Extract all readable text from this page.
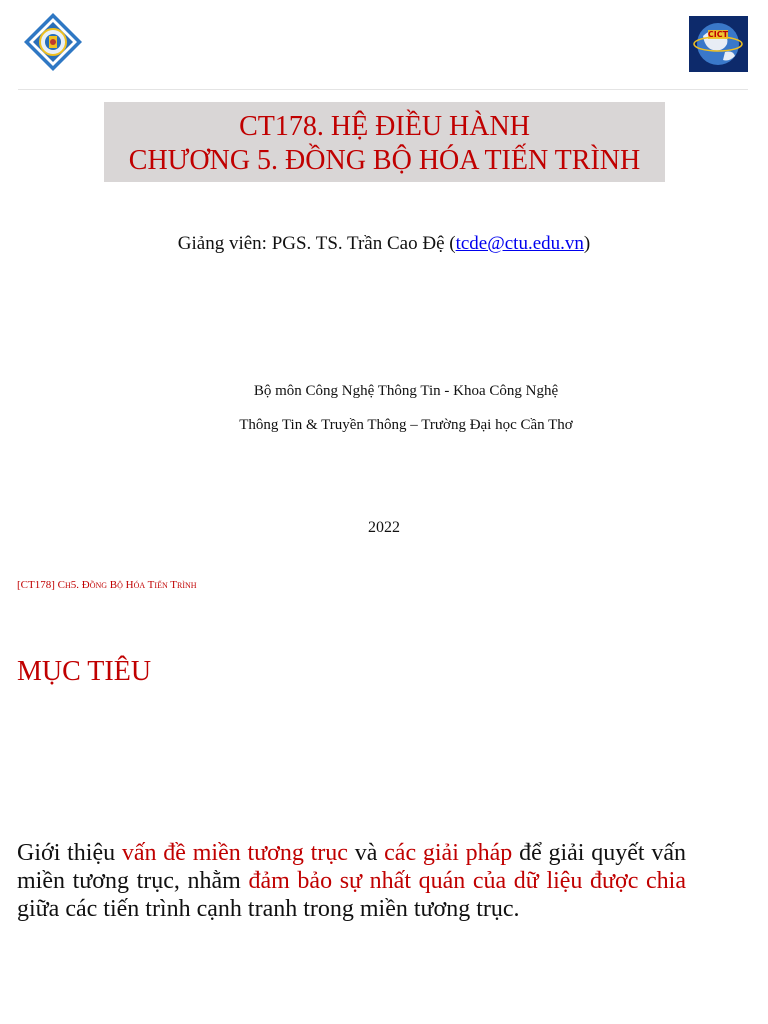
CICT
CT178. HỆ ĐIỀU HÀNH
CHƯƠNG 5. ĐỒNG BỘ HÓA TIẾN TRÌNH
Giảng viên: PGS. TS. Trần Cao Đệ (tcde@ctu.edu.vn)
Bộ môn Công Nghệ Thông Tin - Khoa Công Nghệ
Thông Tin & Truyền Thông – Trường Đại học Cần Thơ
2022
[CT178] Ch5. Đồng Bộ Hóa Tiến Trình
MỤC TIÊU
Giới thiệu vấn đề miền tương trục và các giải pháp để giải quyết vấn miền tương trục, nhằm đảm bảo sự nhất quán của dữ liệu được chia giữa các tiến trình cạnh tranh trong miền tương trục.
